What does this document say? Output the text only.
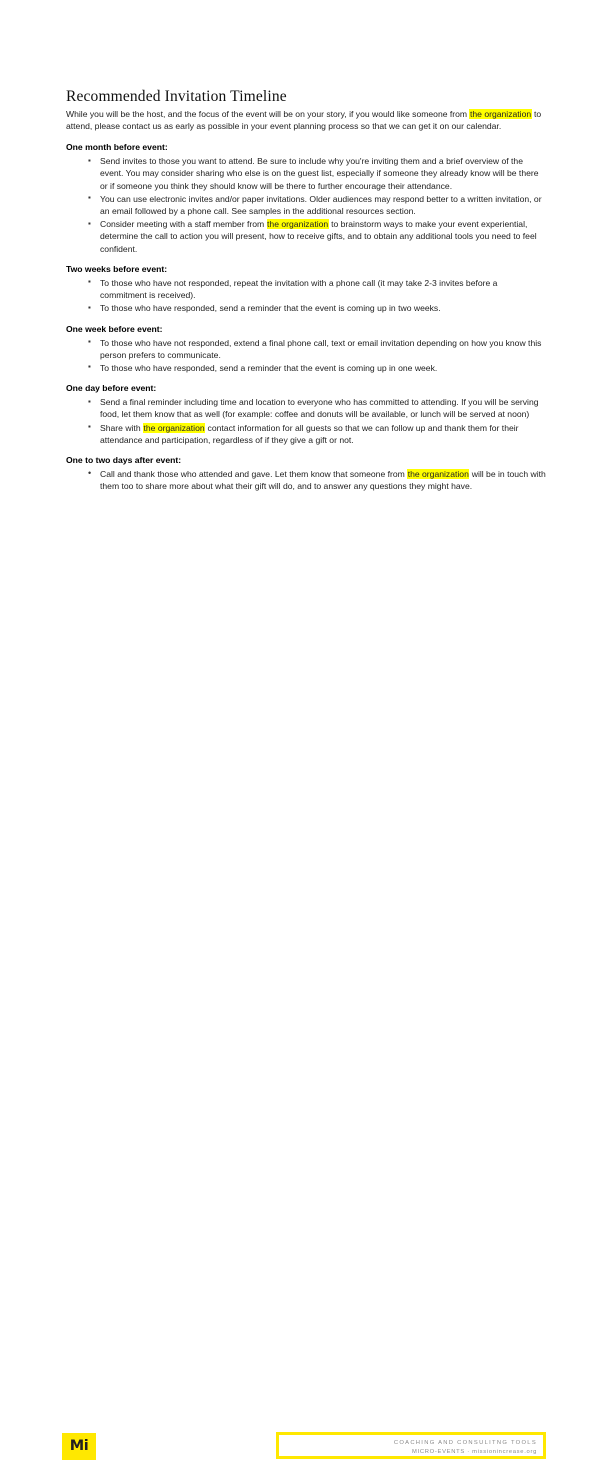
Recommended Invitation Timeline

While you will be the host, and the focus of the event will be on your story, if you would like someone from the organization to attend, please contact us as early as possible in your event planning process so that we can get it on our calendar.

One month before event:
▪ Send invites to those you want to attend. Be sure to include why you're inviting them and a brief overview of the event. You may consider sharing who else is on the guest list, especially if someone they already know will be there or if someone you think they should know will be there to further encourage their attendance.
▪ You can use electronic invites and/or paper invitations. Older audiences may respond better to a written invitation, or an email followed by a phone call. See samples in the additional resources section.
▪ Consider meeting with a staff member from the organization to brainstorm ways to make your event experiential, determine the call to action you will present, how to receive gifts, and to obtain any additional tools you need to feel confident.
Two weeks before event:
▪ To those who have not responded, repeat the invitation with a phone call (it may take 2-3 invites before a commitment is received).
▪ To those who have responded, send a reminder that the event is coming up in two weeks.
One week before event:
▪ To those who have not responded, extend a final phone call, text or email invitation depending on how you know this person prefers to communicate.
▪ To those who have responded, send a reminder that the event is coming up in one week.
One day before event:
▪ Send a final reminder including time and location to everyone who has committed to attending. If you will be serving food, let them know that as well (for example: coffee and donuts will be available, or lunch will be served at noon)
▪ Share with the organization contact information for all guests so that we can follow up and thank them for their attendance and participation, regardless of if they give a gift or not.
One to two days after event:
• Call and thank those who attended and gave. Let them know that someone from the organization will be in touch with them too to share more about what their gift will do, and to answer any questions they might have.
Mi	COACHING AND CONSULITNG TOOLS
MICRO-EVENTS · missionincrease.org
